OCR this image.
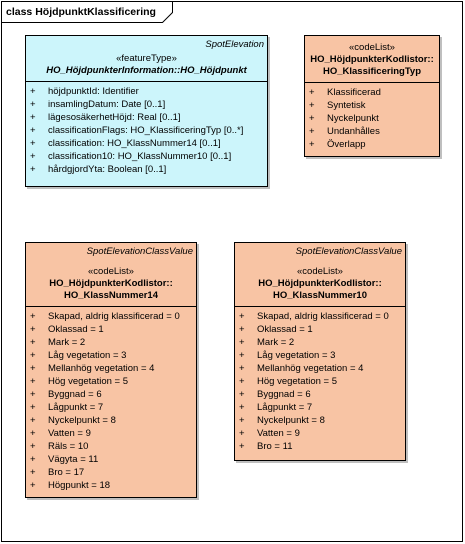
class HöjdpunktKlassificering
SpotElevation
«featureType»
HO_HöjdpunkterInformation::HO_Höjdpunkt
+	höjdpunktId: Identifier
+	insamlingDatum: Date [0..1]
+	lägesosäkerhetHöjd: Real [0..1]
+	classificationFlags: HO_KlassificeringTyp [0..*]
+	classification: HO_KlassNummer14 [0..1]
+	classification10: HO_KlassNummer10 [0..1]
+	hårdgjordYta: Boolean [0..1]
«codeList»
HO_HöjdpunkterKodlistor::
HO_KlassificeringTyp
+	Klassificerad
+	Syntetisk
+	Nyckelpunkt
+	Undanhålles
+	Överlapp
SpotElevationClassValue
«codeList»
HO_HöjdpunkterKodlistor::
HO_KlassNummer14
+	Skapad, aldrig klassificerad = 0
+	Oklassad = 1
+	Mark = 2
+	Låg vegetation = 3
+	Mellanhög vegetation = 4
+	Hög vegetation = 5
+	Byggnad = 6
+	Lågpunkt = 7
+	Nyckelpunkt = 8
+	Vatten = 9
+	Räls = 10
+	Vägyta = 11
+	Bro = 17
+	Högpunkt = 18
SpotElevationClassValue
«codeList»
HO_HöjdpunkterKodlistor::
HO_KlassNummer10
+	Skapad, aldrig klassificerad = 0
+	Oklassad = 1
+	Mark = 2
+	Låg vegetation = 3
+	Mellanhög vegetation = 4
+	Hög vegetation = 5
+	Byggnad = 6
+	Lågpunkt = 7
+	Nyckelpunkt = 8
+	Vatten = 9
+	Bro = 11
